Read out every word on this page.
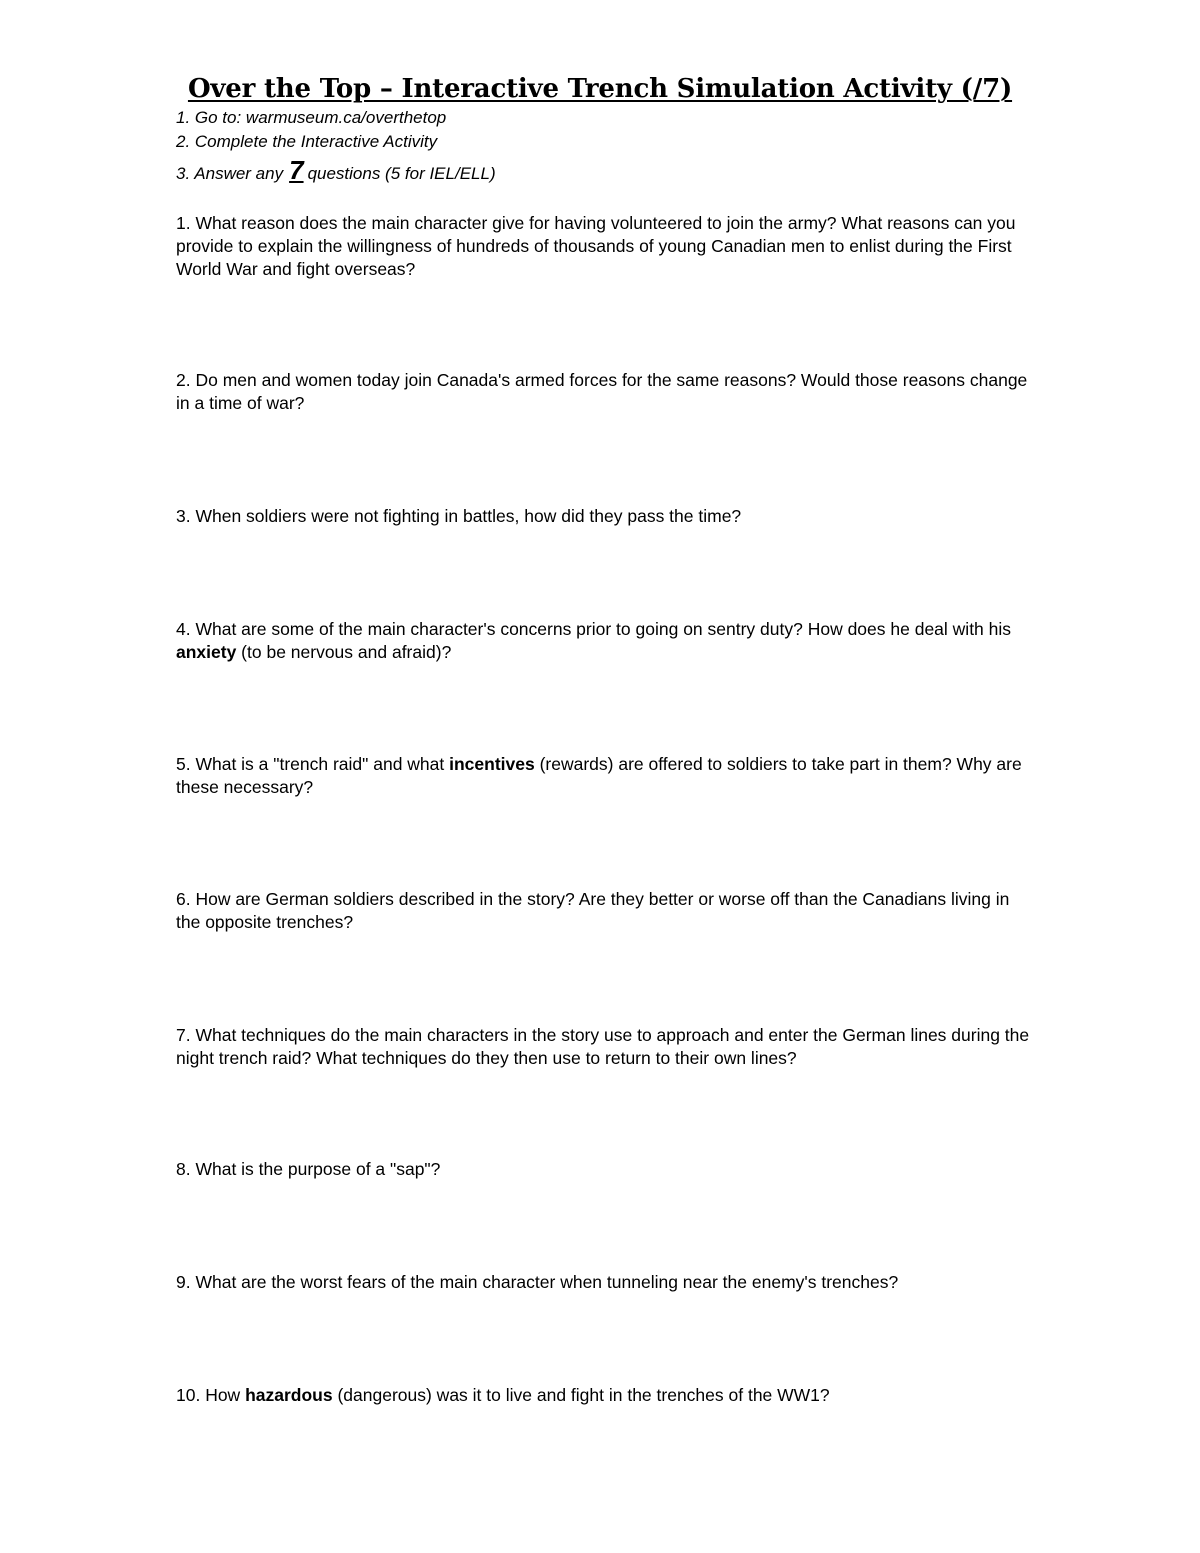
Over the Top – Interactive Trench Simulation Activity (/7)
1. Go to: warmuseum.ca/overthetop
2. Complete the Interactive Activity
3. Answer any 7 questions (5 for IEL/ELL)
1. What reason does the main character give for having volunteered to join the army? What reasons can you provide to explain the willingness of hundreds of thousands of young Canadian men to enlist during the First World War and fight overseas?
2. Do men and women today join Canada's armed forces for the same reasons? Would those reasons change in a time of war?
3. When soldiers were not fighting in battles, how did they pass the time?
4. What are some of the main character's concerns prior to going on sentry duty? How does he deal with his anxiety (to be nervous and afraid)?
5. What is a "trench raid" and what incentives (rewards) are offered to soldiers to take part in them? Why are these necessary?
6. How are German soldiers described in the story? Are they better or worse off than the Canadians living in the opposite trenches?
7. What techniques do the main characters in the story use to approach and enter the German lines during the night trench raid? What techniques do they then use to return to their own lines?
8. What is the purpose of a "sap"?
9. What are the worst fears of the main character when tunneling near the enemy's trenches?
10. How hazardous (dangerous) was it to live and fight in the trenches of the WW1?
